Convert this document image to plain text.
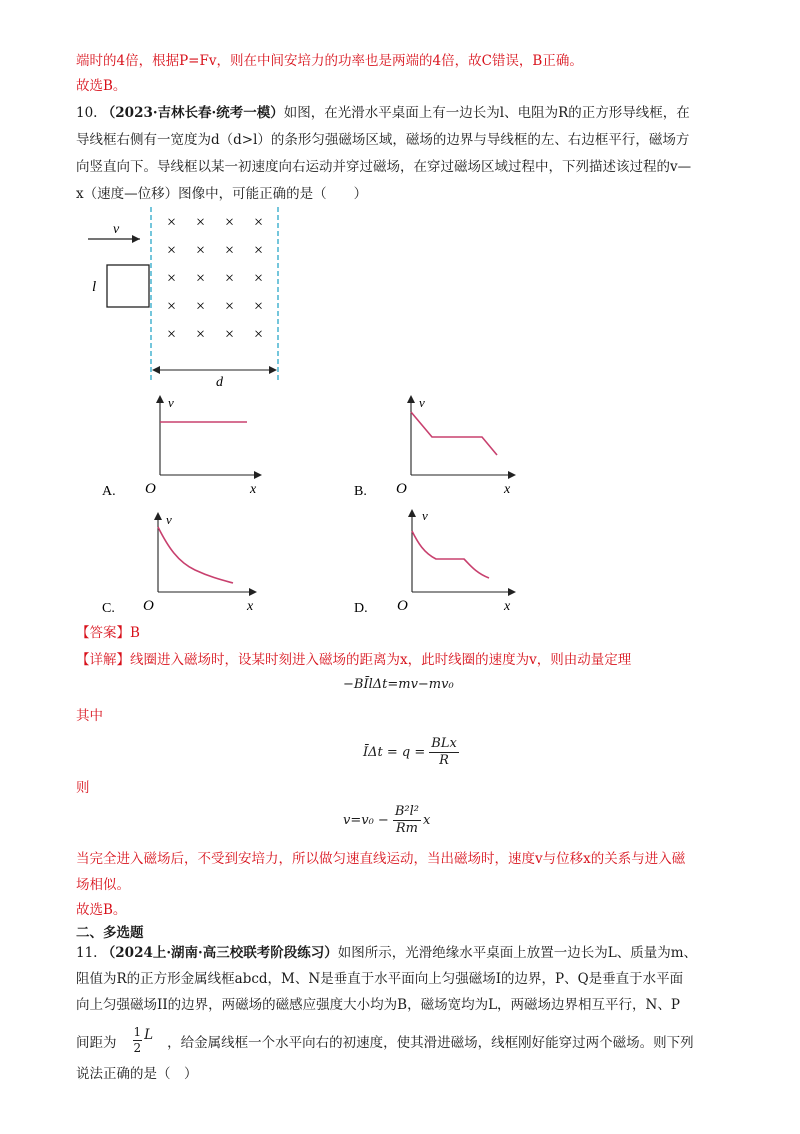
端时的4倍，根据P=Fv，则在中间安培力的功率也是两端的4倍，故C错误，B正确。
故选B。
10. （2023·吉林长春·统考一模）如图，在光滑水平桌面上有一边长为l、电阻为R的正方形导线框，在
导线框右侧有一宽度为d（d>l）的条形匀强磁场区域，磁场的边界与导线框的左、右边框平行，磁场方
向竖直向下。导线框以某一初速度向右运动并穿过磁场，在穿过磁场区域过程中，下列描述该过程的v—
x（速度—位移）图像中，可能正确的是（　　）
v
l
× × × ×
× × × ×
× × × ×
× × × ×
× × × ×
d
v
x
O
A.
v
x
O
B.
v
x
O
C.
v
x
O
D.
【答案】B
【详解】线圈进入磁场时，设某时刻进入磁场的距离为x，此时线圈的速度为v，则由动量定理
−BĪlΔt=mv−mv₀
其中
ĪΔt = q =
BLx
R
则
$v=v_0 - \frac{\text{B²l²}}{Rm}$ x
当完全进入磁场后，不受到安培力，所以做匀速直线运动，当出磁场时，速度v与位移x的关系与进入磁
场相似。
故选B。
二、多选题
11. （2024上·湖南·高三校联考阶段练习）如图所示，光滑绝缘水平桌面上放置一边长为L、质量为m、
阻值为R的正方形金属线框abcd，M、N是垂直于水平面向上匀强磁场I的边界，P、Q是垂直于水平面
向上匀强磁场II的边界，两磁场的磁感应强度大小均为B，磁场宽均为L，两磁场边界相互平行，N、P
间距为 $\frac{1}{2}$ L ，给金属线框一个水平向右的初速度，使其滑进磁场，线框刚好能穿过两个磁场。则下列
说法正确的是（　）
